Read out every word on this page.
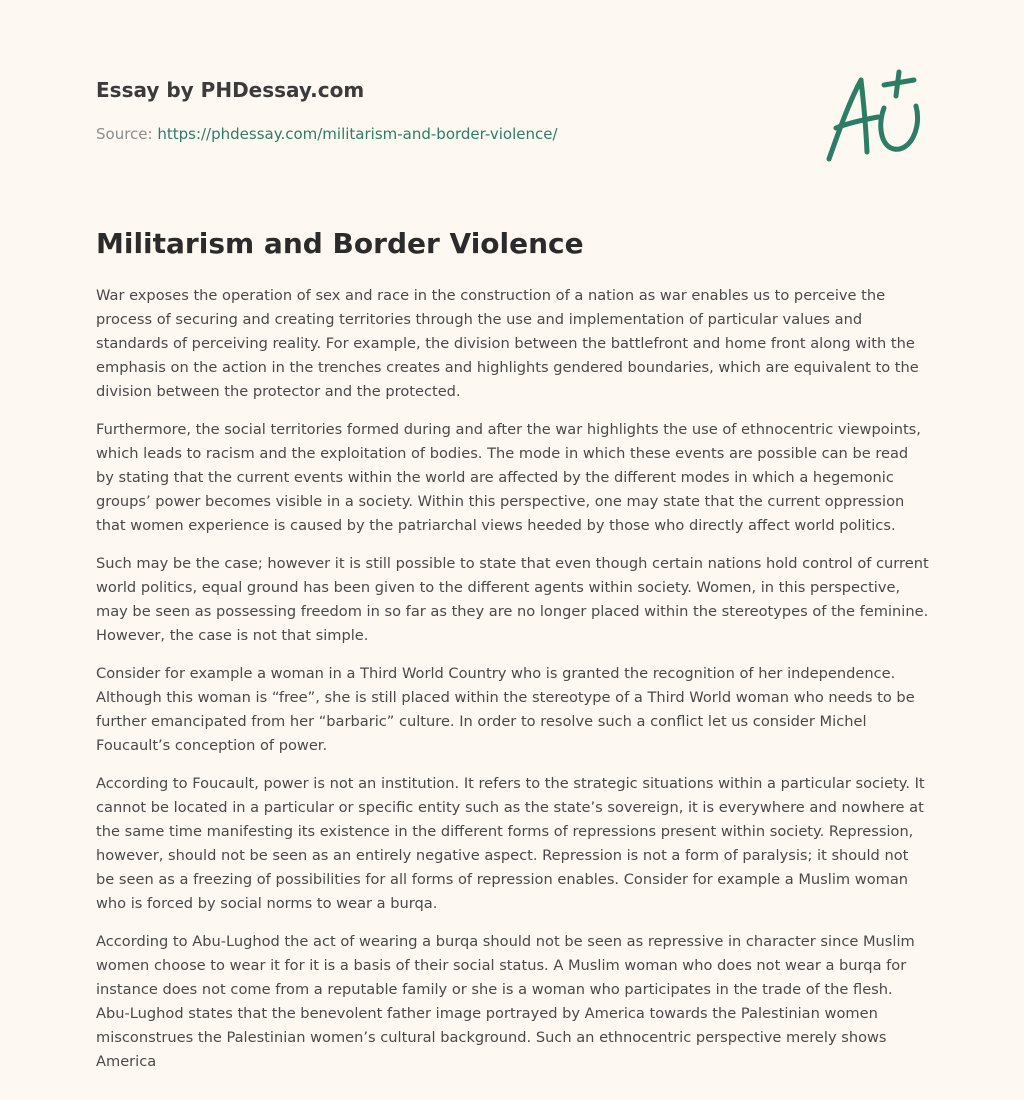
Essay by PHDessay.com
Source: https://phdessay.com/militarism-and-border-violence/
Militarism and Border Violence

War exposes the operation of sex and race in the construction of a nation as war enables us to perceive the process of securing and creating territories through the use and implementation of particular values and standards of perceiving reality. For example, the division between the battlefront and home front along with the emphasis on the action in the trenches creates and highlights gendered boundaries, which are equivalent to the division between the protector and the protected.

Furthermore, the social territories formed during and after the war highlights the use of ethnocentric viewpoints, which leads to racism and the exploitation of bodies. The mode in which these events are possible can be read by stating that the current events within the world are affected by the different modes in which a hegemonic groups’ power becomes visible in a society. Within this perspective, one may state that the current oppression that women experience is caused by the patriarchal views heeded by those who directly affect world politics.

Such may be the case; however it is still possible to state that even though certain nations hold control of current world politics, equal ground has been given to the different agents within society. Women, in this perspective, may be seen as possessing freedom in so far as they are no longer placed within the stereotypes of the feminine. However, the case is not that simple.

Consider for example a woman in a Third World Country who is granted the recognition of her independence. Although this woman is “free”, she is still placed within the stereotype of a Third World woman who needs to be further emancipated from her “barbaric” culture. In order to resolve such a conflict let us consider Michel Foucault’s conception of power.

According to Foucault, power is not an institution. It refers to the strategic situations within a particular society. It cannot be located in a particular or specific entity such as the state’s sovereign, it is everywhere and nowhere at the same time manifesting its existence in the different forms of repressions present within society. Repression, however, should not be seen as an entirely negative aspect. Repression is not a form of paralysis; it should not be seen as a freezing of possibilities for all forms of repression enables. Consider for example a Muslim woman who is forced by social norms to wear a burqa.

According to Abu-Lughod the act of wearing a burqa should not be seen as repressive in character since Muslim women choose to wear it for it is a basis of their social status. A Muslim woman who does not wear a burqa for instance does not come from a reputable family or she is a woman who participates in the trade of the flesh. Abu-Lughod states that the benevolent father image portrayed by America towards the Palestinian women misconstrues the Palestinian women’s cultural background. Such an ethnocentric perspective merely shows America
